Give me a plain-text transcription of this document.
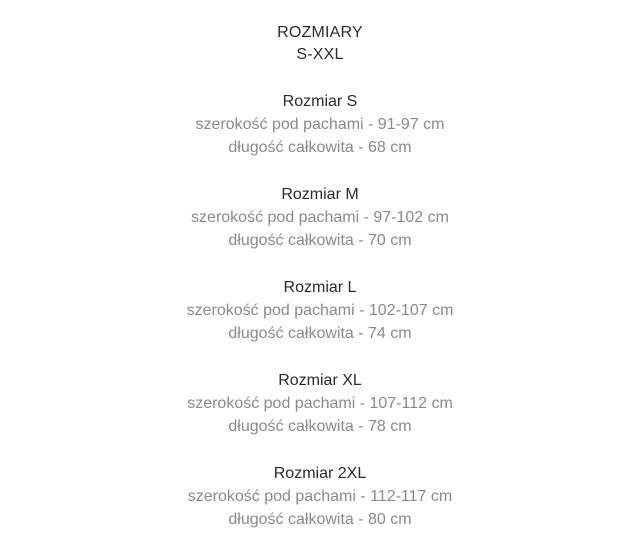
ROZMIARY
S-XXL
Rozmiar S
szerokość pod pachami - 91-97 cm
długość całkowita - 68 cm
Rozmiar M
szerokość pod pachami - 97-102 cm
długość całkowita - 70 cm
Rozmiar L
szerokość pod pachami - 102-107 cm
długość całkowita - 74 cm
Rozmiar XL
szerokość pod pachami - 107-112 cm
długość całkowita - 78 cm
Rozmiar 2XL
szerokość pod pachami - 112-117 cm
długość całkowita - 80 cm
